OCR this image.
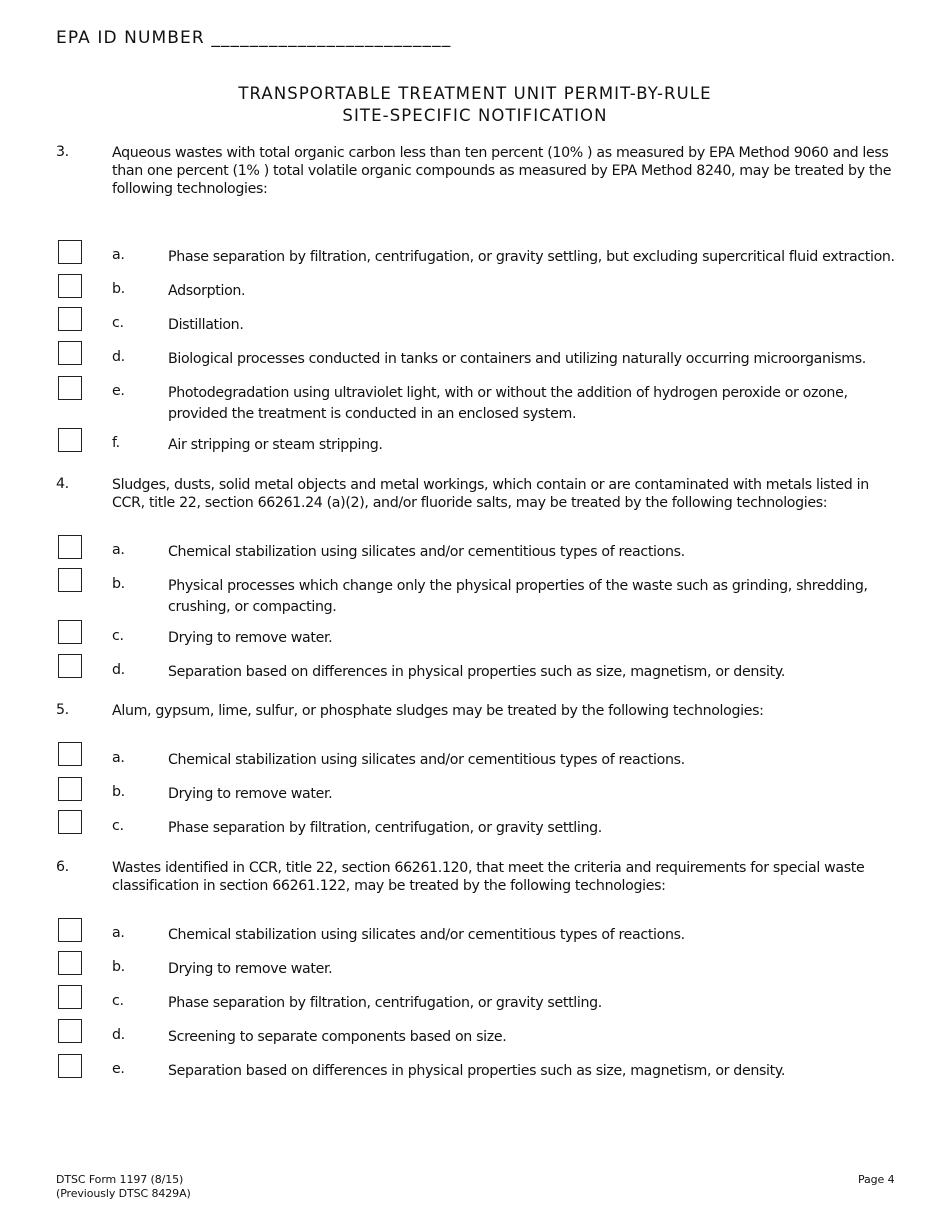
EPA ID NUMBER _________________________
TRANSPORTABLE TREATMENT UNIT PERMIT-BY-RULE
SITE-SPECIFIC NOTIFICATION
3.	Aqueous wastes with total organic carbon less than ten percent (10% ) as measured by EPA Method 9060 and less than one percent (1% ) total volatile organic compounds as measured by EPA Method 8240, may be treated by the following technologies:
a.	Phase separation by filtration, centrifugation, or gravity settling, but excluding supercritical fluid extraction.
b.	Adsorption.
c.	Distillation.
d.	Biological processes conducted in tanks or containers and utilizing naturally occurring microorganisms.
e.	Photodegradation using ultraviolet light, with or without the addition of hydrogen peroxide or ozone, provided the treatment is conducted in an enclosed system.
f.	Air stripping or steam stripping.
4.	Sludges, dusts, solid metal objects and metal workings, which contain or are contaminated with metals listed in CCR, title 22, section 66261.24 (a)(2), and/or fluoride salts, may be treated by the following technologies:
a.	Chemical stabilization using silicates and/or cementitious types of reactions.
b.	Physical processes which change only the physical properties of the waste such as grinding, shredding, crushing, or compacting.
c.	Drying to remove water.
d.	Separation based on differences in physical properties such as size, magnetism, or density.
5.	Alum, gypsum, lime, sulfur, or phosphate sludges may be treated by the following technologies:
a.	Chemical stabilization using silicates and/or cementitious types of reactions.
b.	Drying to remove water.
c.	Phase separation by filtration, centrifugation, or gravity settling.
6.	Wastes identified in CCR, title 22, section 66261.120, that meet the criteria and requirements for special waste classification in section 66261.122, may be treated by the following technologies:
a.	Chemical stabilization using silicates and/or cementitious types of reactions.
b.	Drying to remove water.
c.	Phase separation by filtration, centrifugation, or gravity settling.
d.	Screening to separate components based on size.
e.	Separation based on differences in physical properties such as size, magnetism, or density.
DTSC Form 1197 (8/15)
(Previously DTSC 8429A)
Page 4
